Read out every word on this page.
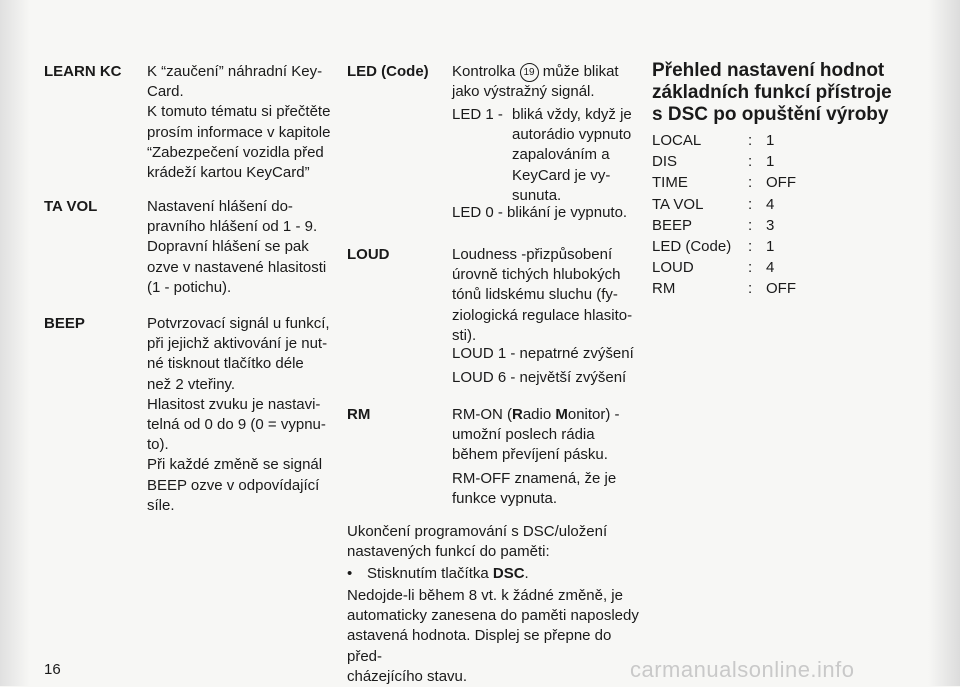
LEARN KC K “zaučení” náhradní Key-

Card.

K tomuto tématu si přečtěte

prosím informace v kapitole

“Zabezpečení vozidla před

krádeží kartou KeyCard”

TA VOL	Nastavení hlášení do-

pravního hlášení od 1 - 9.

Dopravní hlášení se pak

ozve v nastavené hlasitosti

(1 - potichu).

BEEP	Potvrzovací signál u funkcí,

při jejichž aktivování je nut-

né tisknout tlačítko déle

než 2 vteřiny.

Hlasitost zvuku je nastavi-

telná od 0 do 9 (0 = vypnu-

to).

Při každé změně se signál

BEEP ozve v odpovídající

síle.

LED (Code) Kontrolka 19 může blikat

jako výstražný signál.

LED 1 - bliká vždy, když je

autorádio vypnuto

zapalováním a

KeyCard je vy-

sunuta.

LED 0 - blikání je vypnuto.
LOUD	Loudness -přizpůsobení

úrovně tichých hlubokých

tónů lidskému sluchu (fy-

ziologická regulace hlasito-

sti).

LOUD 1 - nepatrné zvýšení
LOUD 6 - největší zvýšení
RM	RM-ON (Radio Monitor) -

umožní poslech rádia

během převíjení pásku.

RM-OFF znamená, že je

funkce vypnuta.

Ukončení programování s DSC/uložení

nastavených funkcí do paměti:

• Stisknutím tlačítka DSC.

Nedojde-li během 8 vt. k žádné změně, je

automaticky zanesena do paměti naposledy

astavená hodnota. Displej se přepne do před-

cházejícího stavu.

Přehled nastavení hodnot
základních funkcí přístroje
s DSC po opuštění výroby
LOCAL	: 1
DIS	: 1
TIME	: OFF
TA VOL	: 4
BEEP	: 3
LED (Code)	: 1
LOUD	: 4
RM	: OFF
16	carmanualsonline.info
